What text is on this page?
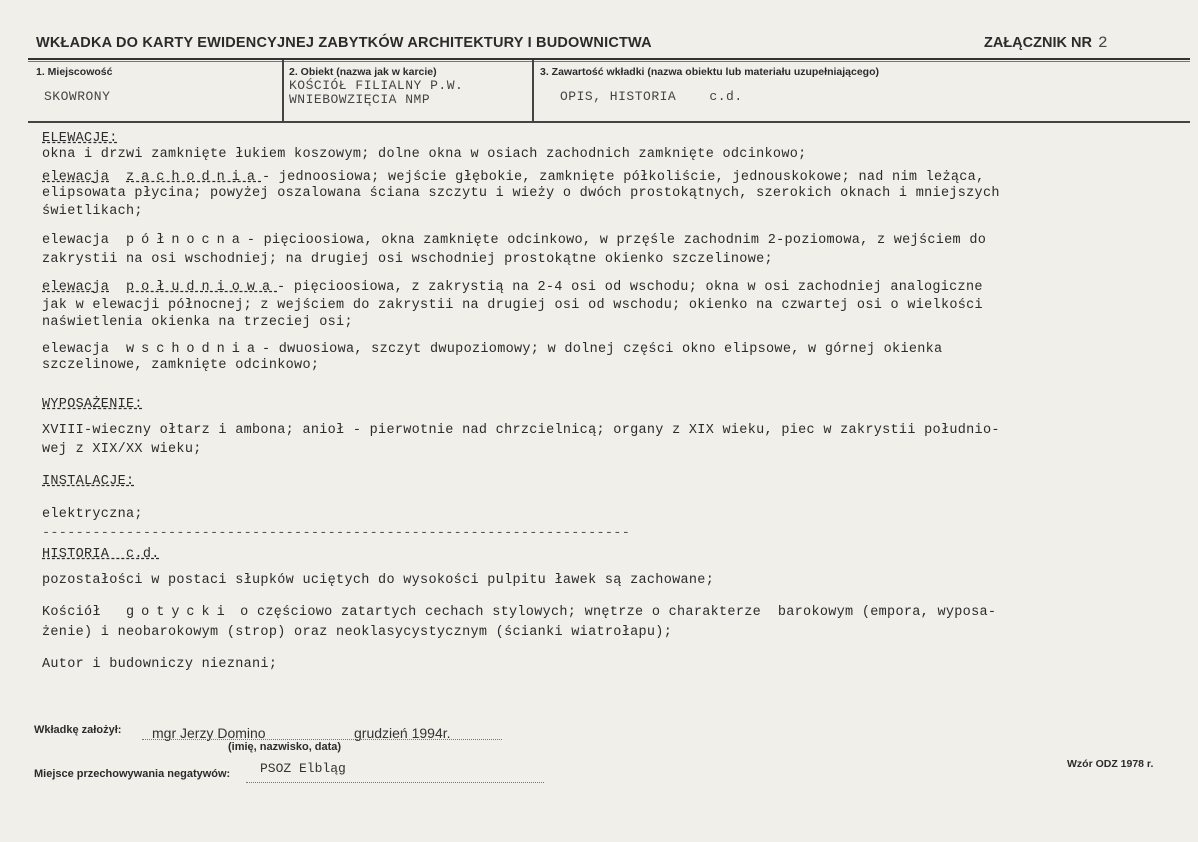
WKŁADKA DO KARTY EWIDENCYJNEJ ZABYTKÓW ARCHITEKTURY I BUDOWNICTWA	ZAŁĄCZNIK NR 2
1. Miejscowość
SKOWRONY
2. Obiekt (nazwa jak w karcie)
KOŚCIÓŁ FILIALNY P.W.
WNIEBOWZIĘCIA NMP
3. Zawartość wkładki (nazwa obiektu lub materiału uzupełniającego)
OPIS, HISTORIA    c.d.
ELEWACJE:
okna i drzwi zamknięte łukiem koszowym; dolne okna w osiach zachodnich zamknięte odcinkowo;
elewacja zachodnia- jednoosiowa; wejście głębokie, zamknięte półkoliście, jednouskokowe; nad nim leżąca,
elipsowata płycina; powyżej oszalowana ściana szczytu i wieży o dwóch prostokątnych, szerokich oknach i mniejszych
świetlikach;
elewacja północna- pięcioosiowa, okna zamknięte odcinkowo, w przęśle zachodnim 2-poziomowa, z wejściem do
zakrystii na osi wschodniej; na drugiej osi wschodniej prostokątne okienko szczelinowe;
elewacja południowa- pięcioosiowa, z zakrystią na 2-4 osi od wschodu; okna w osi zachodniej analogiczne
jak w elewacji północnej; z wejściem do zakrystii na drugiej osi od wschodu; okienko na czwartej osi o wielkości
naświetlenia okienka na trzeciej osi;
elewacja wschodnia- dwuosiowa, szczyt dwupoziomowy; w dolnej części okno elipsowe, w górnej okienka
szczelinowe, zamknięte odcinkowo;
WYPOSAŻENIE:
XVIII-wieczny ołtarz i ambona; anioł - pierwotnie nad chrzcielnicą; organy z XIX wieku, piec w zakrystii południo-
wej z XIX/XX wieku;
INSTALACJE:
elektryczna;
----------------------------------------------------------------------
HISTORIA  c.d.
pozostałości w postaci słupków uciętych do wysokości pulpitu ławek są zachowane;
Kościół gotycki o częściowo zatartych cechach stylowych; wnętrze o charakterze  barokowym (empora, wyposa-
żenie) i neobarokowym (strop) oraz neoklasycystycznym (ścianki wiatrołapu);
Autor i budowniczy nieznani;
Wkładkę założył: mgr Jerzy Domino	grudzień 1994r.
(imię, nazwisko, data)
Miejsce przechowywania negatywów: PSOZ Elbląg	Wzór ODZ 1978 r.
